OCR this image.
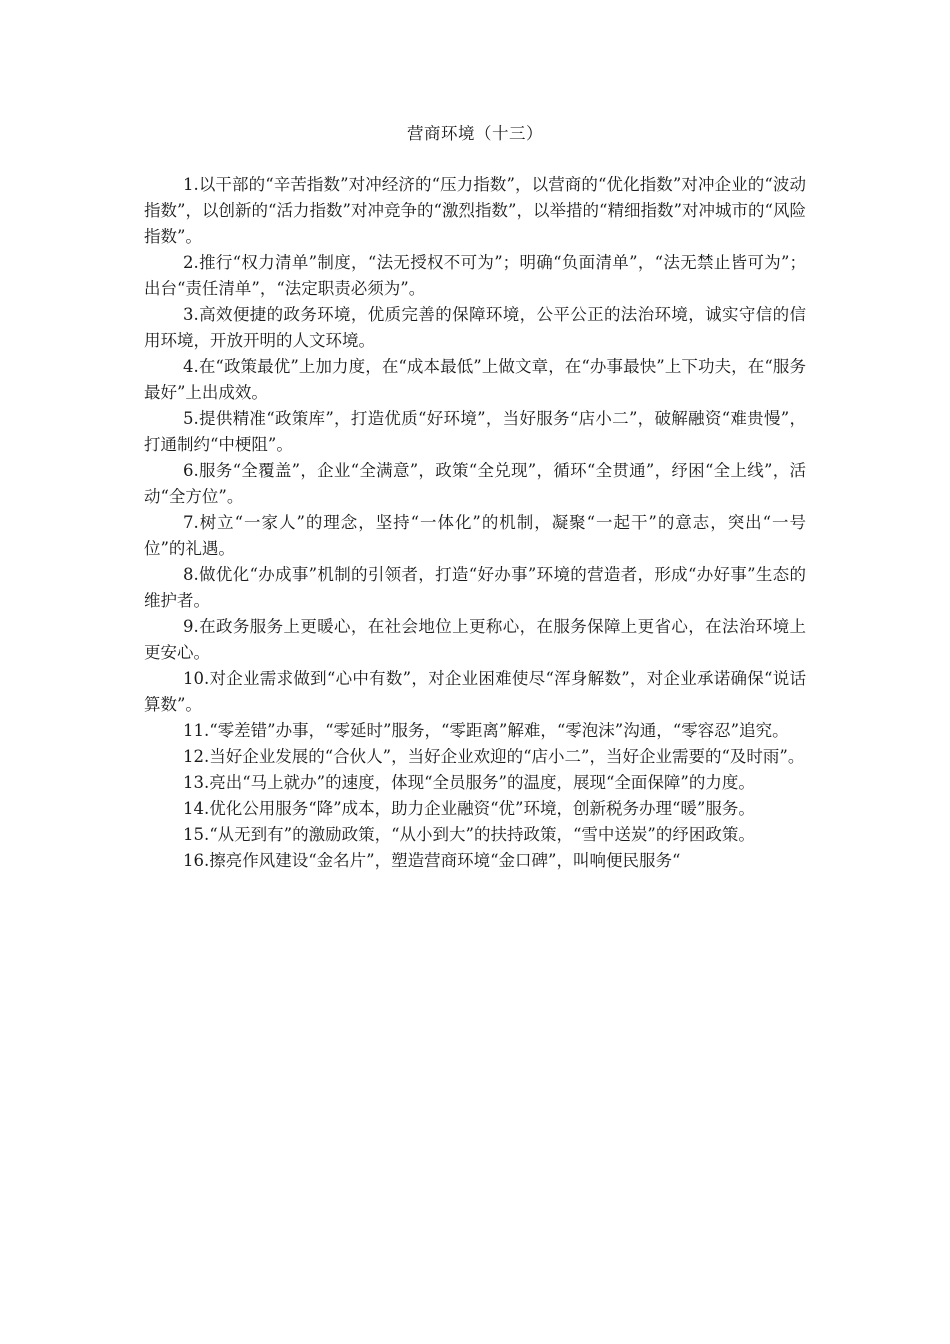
营商环境（十三）

1.以干部的“辛苦指数”对冲经济的“压力指数”，以营商的“优化指数”对冲企业的“波动指数”，以创新的“活力指数”对冲竞争的“激烈指数”，以举措的“精细指数”对冲城市的“风险指数”。

2.推行“权力清单”制度，“法无授权不可为”；明确“负面清单”，“法无禁止皆可为”；出台“责任清单”，“法定职责必须为”。

3.高效便捷的政务环境，优质完善的保障环境，公平公正的法治环境，诚实守信的信用环境，开放开明的人文环境。

4.在“政策最优”上加力度，在“成本最低”上做文章，在“办事最快”上下功夫，在“服务最好”上出成效。

5.提供精准“政策库”，打造优质“好环境”，当好服务“店小二”，破解融资“难贵慢”，打通制约“中梗阻”。

6.服务“全覆盖”，企业“全满意”，政策“全兑现”，循环“全贯通”，纾困“全上线”，活动“全方位”。

7.树立“一家人”的理念，坚持“一体化”的机制，凝聚“一起干”的意志，突出“一号位”的礼遇。

8.做优化“办成事”机制的引领者，打造“好办事”环境的营造者，形成“办好事”生态的维护者。

9.在政务服务上更暖心，在社会地位上更称心，在服务保障上更省心，在法治环境上更安心。

10.对企业需求做到“心中有数”，对企业困难使尽“浑身解数”，对企业承诺确保“说话算数”。

11.“零差错”办事，“零延时”服务，“零距离”解难，“零泡沫”沟通，“零容忍”追究。

12.当好企业发展的“合伙人”，当好企业欢迎的“店小二”，当好企业需要的“及时雨”。

13.亮出“马上就办”的速度，体现“全员服务”的温度，展现“全面保障”的力度。

14.优化公用服务“降”成本，助力企业融资“优”环境，创新税务办理“暖”服务。

15.“从无到有”的激励政策，“从小到大”的扶持政策，“雪中送炭”的纾困政策。

16.擦亮作风建设“金名片”，塑造营商环境“金口碑”，叫响便民服务“
